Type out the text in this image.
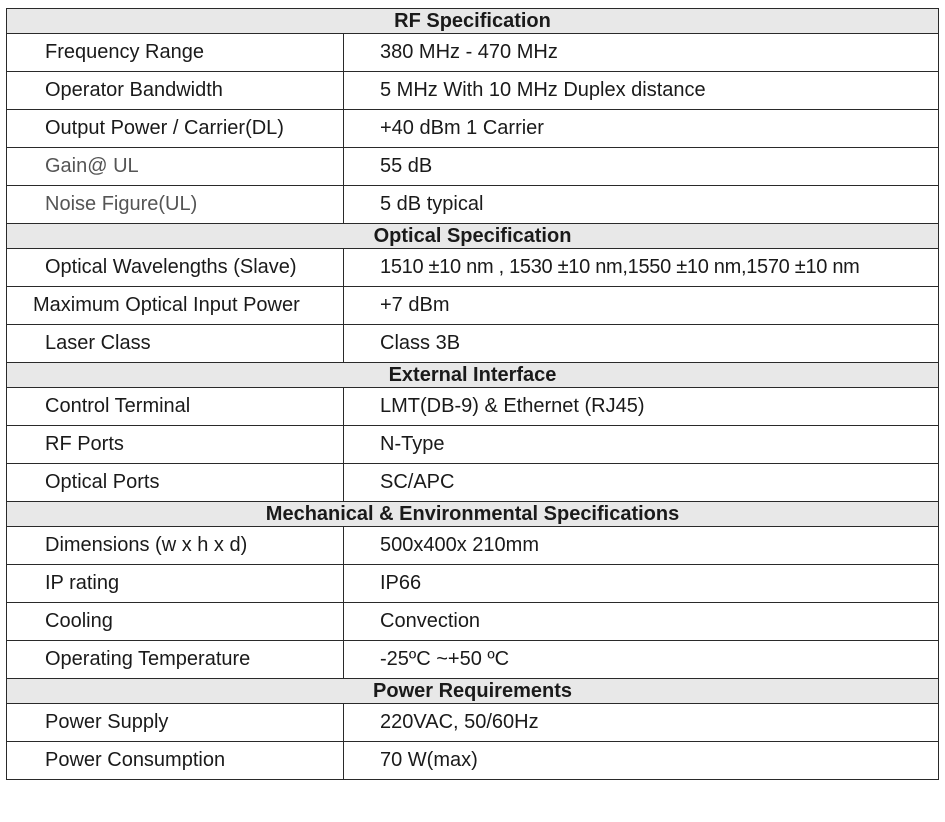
RF Specification	
Frequency Range	380 MHz - 470 MHz
Operator Bandwidth	5 MHz With 10 MHz Duplex distance
Output Power / Carrier(DL)	+40 dBm 1 Carrier
Gain@ UL	55 dB
Noise Figure(UL)	5 dB typical
Optical Specification	
Optical Wavelengths (Slave)	1510 ±10 nm , 1530 ±10 nm,1550 ±10 nm,1570 ±10 nm
Maximum Optical Input Power	+7 dBm
Laser Class	Class 3B
External Interface	
Control Terminal	LMT(DB-9) & Ethernet (RJ45)
RF Ports	N-Type
Optical Ports	SC/APC
Mechanical & Environmental Specifications	
Dimensions (w x h x d)	500x400x 210mm
IP rating	IP66
Cooling	Convection
Operating Temperature	-25ºC ~+50 ºC
Power Requirements	
Power Supply	220VAC, 50/60Hz
Power Consumption	70 W(max)
